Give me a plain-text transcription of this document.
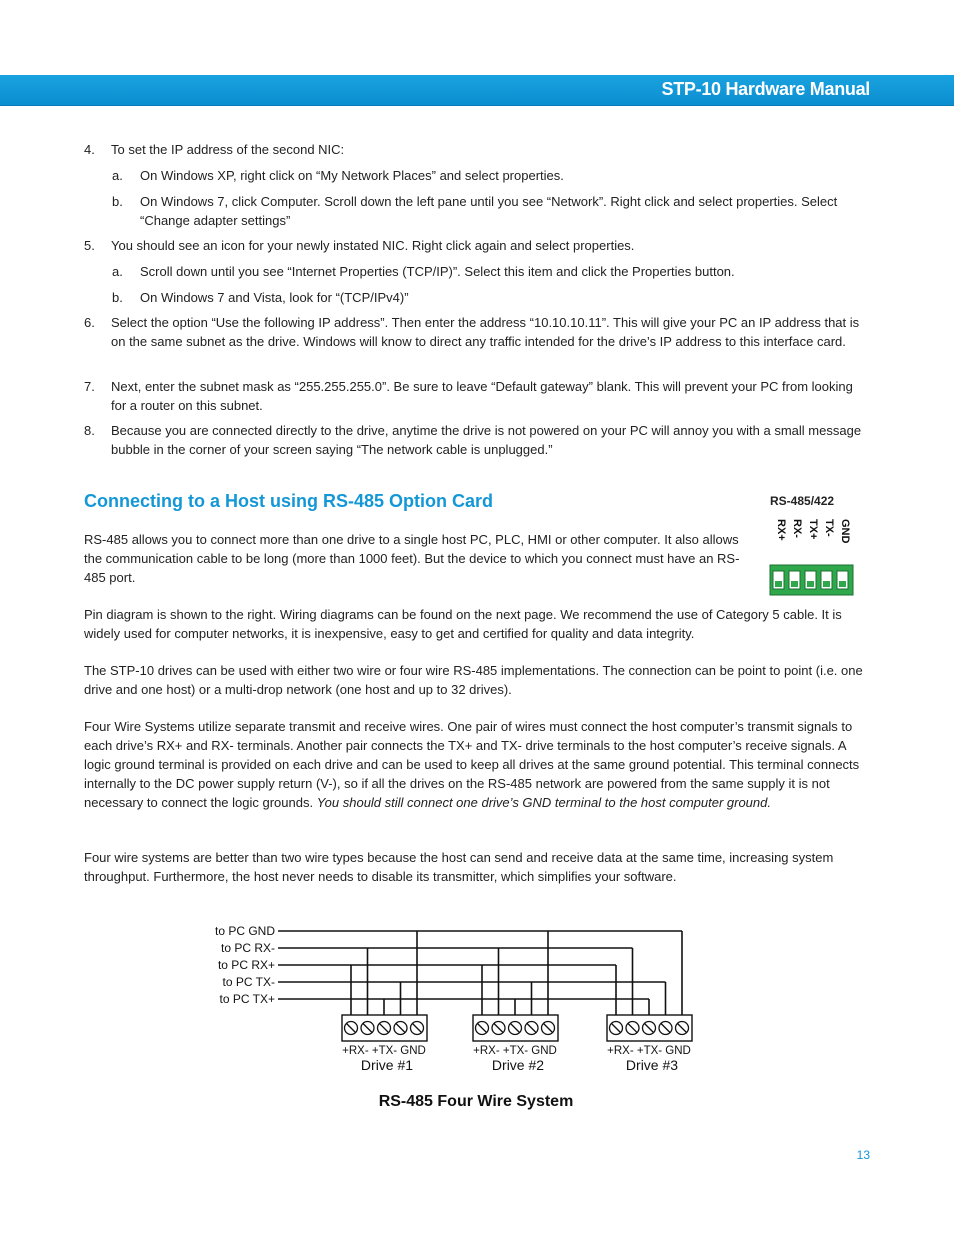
STP-10 Hardware Manual
4. To set the IP address of the second NIC:
a. On Windows XP, right click on “My Network Places” and select properties.
b. On Windows 7, click Computer. Scroll down the left pane until you see “Network”. Right click and select properties. Select “Change adapter settings”
5. You should see an icon for your newly instated NIC. Right click again and select properties.
a. Scroll down until you see “Internet Properties (TCP/IP)”. Select this item and click the Properties button.
b. On Windows 7 and Vista, look for “(TCP/IPv4)”
6. Select the option “Use the following IP address”. Then enter the address “10.10.10.11”. This will give your PC an IP address that is on the same subnet as the drive. Windows will know to direct any traffic intended for the drive’s IP address to this interface card.
7. Next, enter the subnet mask as “255.255.255.0”. Be sure to leave “Default gateway” blank. This will prevent your PC from looking for a router on this subnet.
8. Because you are connected directly to the drive, anytime the drive is not powered on your PC will annoy you with a small message bubble in the corner of your screen saying “The network cable is unplugged.”
Connecting to a Host using RS-485 Option Card
RS-485 allows you to connect more than one drive to a single host PC, PLC, HMI or other computer. It also allows the communication cable to be long (more than 1000 feet). But the device to which you connect must have an RS-485 port.
Pin diagram is shown to the right. Wiring diagrams can be found on the next page. We recommend the use of Category 5 cable. It is widely used for computer networks, it is inexpensive, easy to get and certified for quality and data integrity.
The STP-10 drives can be used with either two wire or four wire RS-485 implementations. The connection can be point to point (i.e. one drive and one host) or a multi-drop network (one host and up to 32 drives).
Four Wire Systems utilize separate transmit and receive wires. One pair of wires must connect the host computer’s transmit signals to each drive’s RX+ and RX- terminals. Another pair connects the TX+ and TX- drive terminals to the host computer’s receive signals. A logic ground terminal is provided on each drive and can be used to keep all drives at the same ground potential. This terminal connects internally to the DC power supply return (V-), so if all the drives on the RS-485 network are powered from the same supply it is not necessary to connect the logic grounds. You should still connect one drive’s GND terminal to the host computer ground.
Four wire systems are better than two wire types because the host can send and receive data at the same time, increasing system throughput. Furthermore, the host never needs to disable its transmitter, which simplifies your software.
RS-485/422
RX+ RX- TX+ TX- GND
to PC GND
to PC RX-
to PC RX+
to PC TX-
to PC TX+
+RX- +TX- GND
Drive #1
+RX- +TX- GND
Drive #2
+RX- +TX- GND
Drive #3
RS-485 Four Wire System
13
